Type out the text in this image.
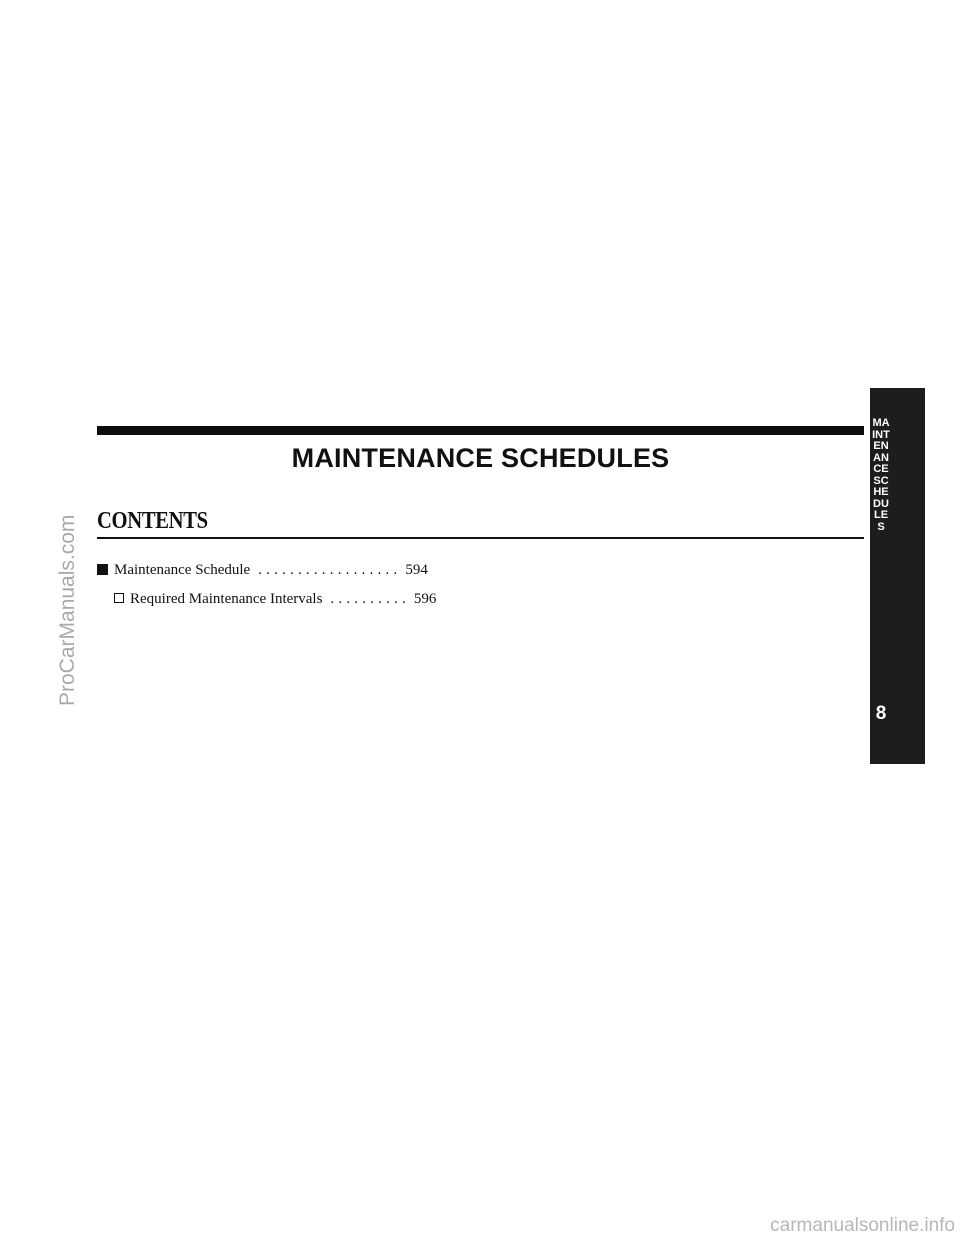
MAINTENANCE SCHEDULES
CONTENTS
Maintenance Schedule .................. 594
Required Maintenance Intervals .......... 596
MAINTENANCE
SCHEDULES
8
ProCarManuals.com
carmanualsonline.info
